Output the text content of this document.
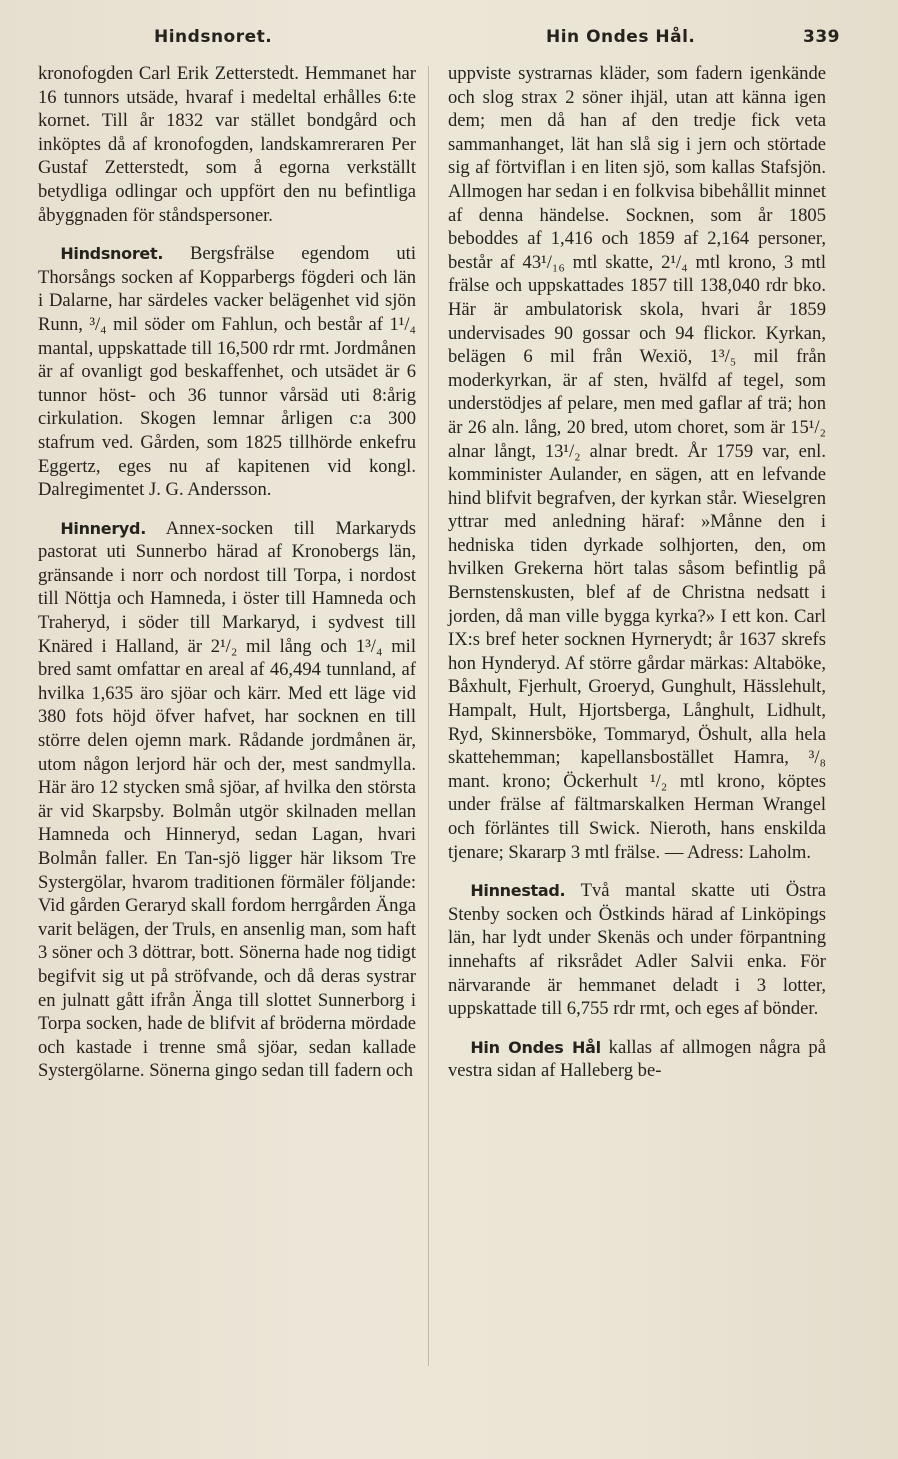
Hindsnoret.	Hin Ondes Hål.	339

kronofogden Carl Erik Zetterstedt. Hemmanet har 16 tunnors utsäde, hvaraf i medeltal erhålles 6:te kornet. Till år 1832 var stället bondgård och inköptes då af kronofogden, landskamreraren Per Gustaf Zetterstedt, som å egorna verkställt betydliga odlingar och uppfört den nu befintliga åbyggnaden för ståndspersoner.

Hindsnoret. Bergsfrälse egendom uti Thorsångs socken af Kopparbergs fögderi och län i Dalarne, har särdeles vacker belägenhet vid sjön Runn, ³/₄ mil söder om Fahlun, och består af 1¹/₄ mantal, uppskattade till 16,500 rdr rmt. Jordmånen är af ovanligt god beskaffenhet, och utsädet är 6 tunnor höst- och 36 tunnor vårsäd uti 8:årig cirkulation. Skogen lemnar årligen c:a 300 stafrum ved. Gården, som 1825 tillhörde enkefru Eggertz, eges nu af kapitenen vid kongl. Dalregimentet J. G. Andersson.

Hinneryd. Annex-socken till Markaryds pastorat uti Sunnerbo härad af Kronobergs län, gränsande i norr och nordost till Torpa, i nordost till Nöttja och Hamneda, i öster till Hamneda och Traheryd, i söder till Markaryd, i sydvest till Knäred i Halland, är 2¹/₂ mil lång och 1³/₄ mil bred samt omfattar en areal af 46,494 tunnland, af hvilka 1,635 äro sjöar och kärr. Med ett läge vid 380 fots höjd öfver hafvet, har socknen en till större delen ojemn mark. Rådande jordmånen är, utom någon lerjord här och der, mest sandmylla. Här äro 12 stycken små sjöar, af hvilka den största är vid Skarpsby. Bolmån utgör skilnaden mellan Hamneda och Hinneryd, sedan Lagan, hvari Bolmån faller. En Tan-sjö ligger här liksom Tre Systergölar, hvarom traditionen förmäler följande: Vid gården Geraryd skall fordom herrgården Änga varit belägen, der Truls, en ansenlig man, som haft 3 söner och 3 döttrar, bott. Sönerna hade nog tidigt begifvit sig ut på ströfvande, och då deras systrar en julnatt gått ifrån Änga till slottet Sunnerborg i Torpa socken, hade de blifvit af bröderna mördade och kastade i trenne små sjöar, sedan kallade Systergölarne. Sönerna gingo sedan till fadern och

uppviste systrarnas kläder, som fadern igenkände och slog strax 2 söner ihjäl, utan att känna igen dem; men då han af den tredje fick veta sammanhanget, lät han slå sig i jern och störtade sig af förtviflan i en liten sjö, som kallas Stafsjön. Allmogen har sedan i en folkvisa bibehållit minnet af denna händelse. Socknen, som år 1805 beboddes af 1,416 och 1859 af 2,164 personer, består af 43¹/₁₆ mtl skatte, 2¹/₄ mtl krono, 3 mtl frälse och uppskattades 1857 till 138,040 rdr bko. Här är ambulatorisk skola, hvari år 1859 undervisades 90 gossar och 94 flickor. Kyrkan, belägen 6 mil från Wexiö, 1³/₅ mil från moderkyrkan, är af sten, hvälfd af tegel, som understödjes af pelare, men med gaflar af trä; hon är 26 aln. lång, 20 bred, utom choret, som är 15¹/₂ alnar långt, 13¹/₂ alnar bredt. År 1759 var, enl. komminister Aulander, en sägen, att en lefvande hind blifvit begrafven, der kyrkan står. Wieselgren yttrar med anledning häraf: »Månne den i hedniska tiden dyrkade solhjorten, den, om hvilken Grekerna hört talas såsom befintlig på Bernstenskusten, blef af de Christna nedsatt i jorden, då man ville bygga kyrka?» I ett kon. Carl IX:s bref heter socknen Hyrnerydt; år 1637 skrefs hon Hynderyd. Af större gårdar märkas: Altaböke, Båxhult, Fjerhult, Groeryd, Gunghult, Hässlehult, Hampalt, Hult, Hjortsberga, Långhult, Lidhult, Ryd, Skinnersböke, Tommaryd, Öshult, alla hela skattehemman; kapellansbostället Hamra, ³/₈ mant. krono; Öckerhult ¹/₂ mtl krono, köptes under frälse af fältmarskalken Herman Wrangel och förläntes till Swick. Nieroth, hans enskilda tjenare; Skararp 3 mtl frälse. — Adress: Laholm.

Hinnestad. Två mantal skatte uti Östra Stenby socken och Östkinds härad af Linköpings län, har lydt under Skenäs och under förpantning innehafts af riksrådet Adler Salvii enka. För närvarande är hemmanet deladt i 3 lotter, uppskattade till 6,755 rdr rmt, och eges af bönder.

Hin Ondes Hål kallas af allmogen några på vestra sidan af Halleberg be-
